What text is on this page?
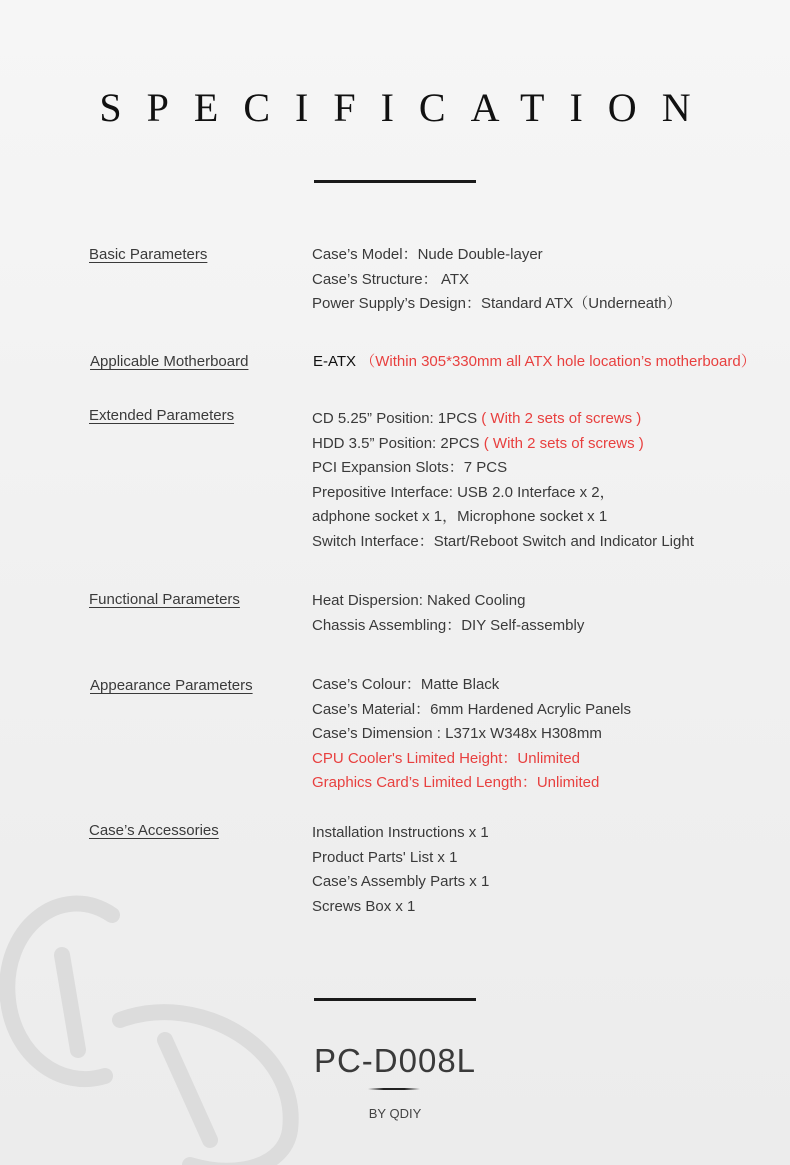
SPECIFICATION
Basic Parameters	Case’s Model：Nude Double-layer
Case’s Structure： ATX
Power Supply’s Design：Standard ATX（Underneath）
Applicable Motherboard	E-ATX （Within 305*330mm all ATX hole location’s motherboard）
Extended Parameters	CD 5.25” Position: 1PCS ( With 2 sets of screws )
HDD 3.5” Position: 2PCS ( With 2 sets of screws )
PCI Expansion Slots：7 PCS
Prepositive Interface: USB 2.0 Interface x 2，
adphone socket x 1，Microphone socket x 1
Switch Interface：Start/Reboot Switch and Indicator Light
Functional Parameters	Heat Dispersion: Naked Cooling
Chassis Assembling：DIY Self-assembly
Appearance Parameters	Case’s Colour：Matte Black
Case’s Material：6mm Hardened Acrylic Panels
Case’s Dimension : L371x W348x H308mm
CPU Cooler's Limited Height：Unlimited
Graphics Card’s Limited Length：Unlimited
Case’s Accessories	Installation Instructions x 1
Product Parts' List x 1
Case’s Assembly Parts x 1
Screws Box x 1
PC-D008L
BY QDIY
